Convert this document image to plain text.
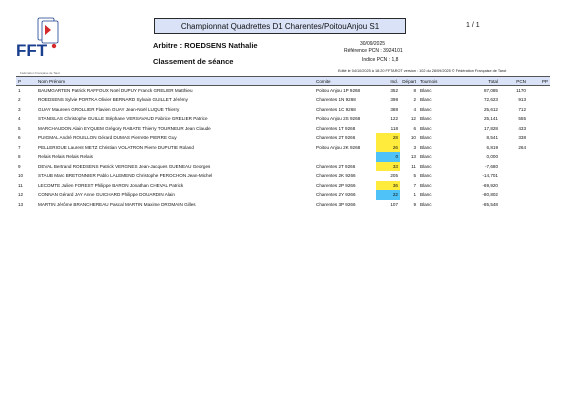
FFT
Fédération Française de Tarot
Championnat Quadrettes D1 Charentes/PoitouAnjou S1	1 / 1
Arbitre : ROEDSENS Nathalie	30/09/2025
Référence PCN : 3924101
Classement de séance	Indice PCN : 1,8
Edité le 04/10/2025 à 18:20 FFTAROT version : 102 du 28/09/2025 © Fédération Française de Tarot
P	Nom Prénom	Comite	Ind.	Départ	Tournois	Total	PCN	PP
1	BAUMGARTEN Patrick RAFFOUX Noël DUPUY Franck GRELIER Matthieu	Poitou Anjou 1P 9268	352	8	Blanc	87,085	1170	
2	ROEDSENS Sylvie PORTKA Olivier BERNARD Sylvain GUILLET Jérémy	Charentes 1N 9268	398	2	Blanc	72,623	913	
3	GUAY Maureen GROLLIER Flavien GUAY Jean-Noël LUQUE Thierry	Charentes 1C 9268	388	4	Blanc	25,612	712	
4	STANISLAS Christophe GUILLE Stéphane VERSAVAUD Fabrice GRELIER Patrice	Poitou Anjou 2S 9268	122	12	Blanc	25,141	555	
5	MARCHAUDON Alain EYQUEM Grégory RABATE Thierry TOURNEUR Jean Claude	Charentes 1T 9268	118	6	Blanc	17,828	433	
6	PUIGMAL André ROUILLON Gérard DUMAS Pierrette PIERRE Guy	Charentes 2T 9266	28	10	Blanc	8,541	338	
7	PELLERIGUE Laurent METZ Christian VOLATRON Pierre DUPUTIE Roland	Poitou Anjou 2K 9268	26	3	Blanc	6,819	264	
8	Relais Relais Relais Relais		0	13	Blanc	0,000		
9	DEVAL Bertrand ROEDSENS Patrick VERGNES Jean-Jacques GUENEAU Georges	Charentes 2T 9266	33	11	Blanc	-7,680		
10	STAUB Marc BRETONNIER Pablo LALEMEND Christophe PEROCHON Jean-Michel	Charentes 2K 9266	205	5	Blanc	-14,701		
11	LECOMTE Julien FOREST Philippe BARON Jonathan CHEVAL Patrick	Charentes 2P 9266	36	7	Blanc	-69,920		
12	CONNAN Gérard JAY Anne GUICHARD Philippe DOUARDIN Alain	Charentes 2Y 9266	22	1	Blanc	-80,802		
13	MARTIN Jérôme BRANCHEREAU Pascal MARTIN Maxime DROMAIN Gilles	Charentes 3P 9266	107	9	Blanc	-85,548		
